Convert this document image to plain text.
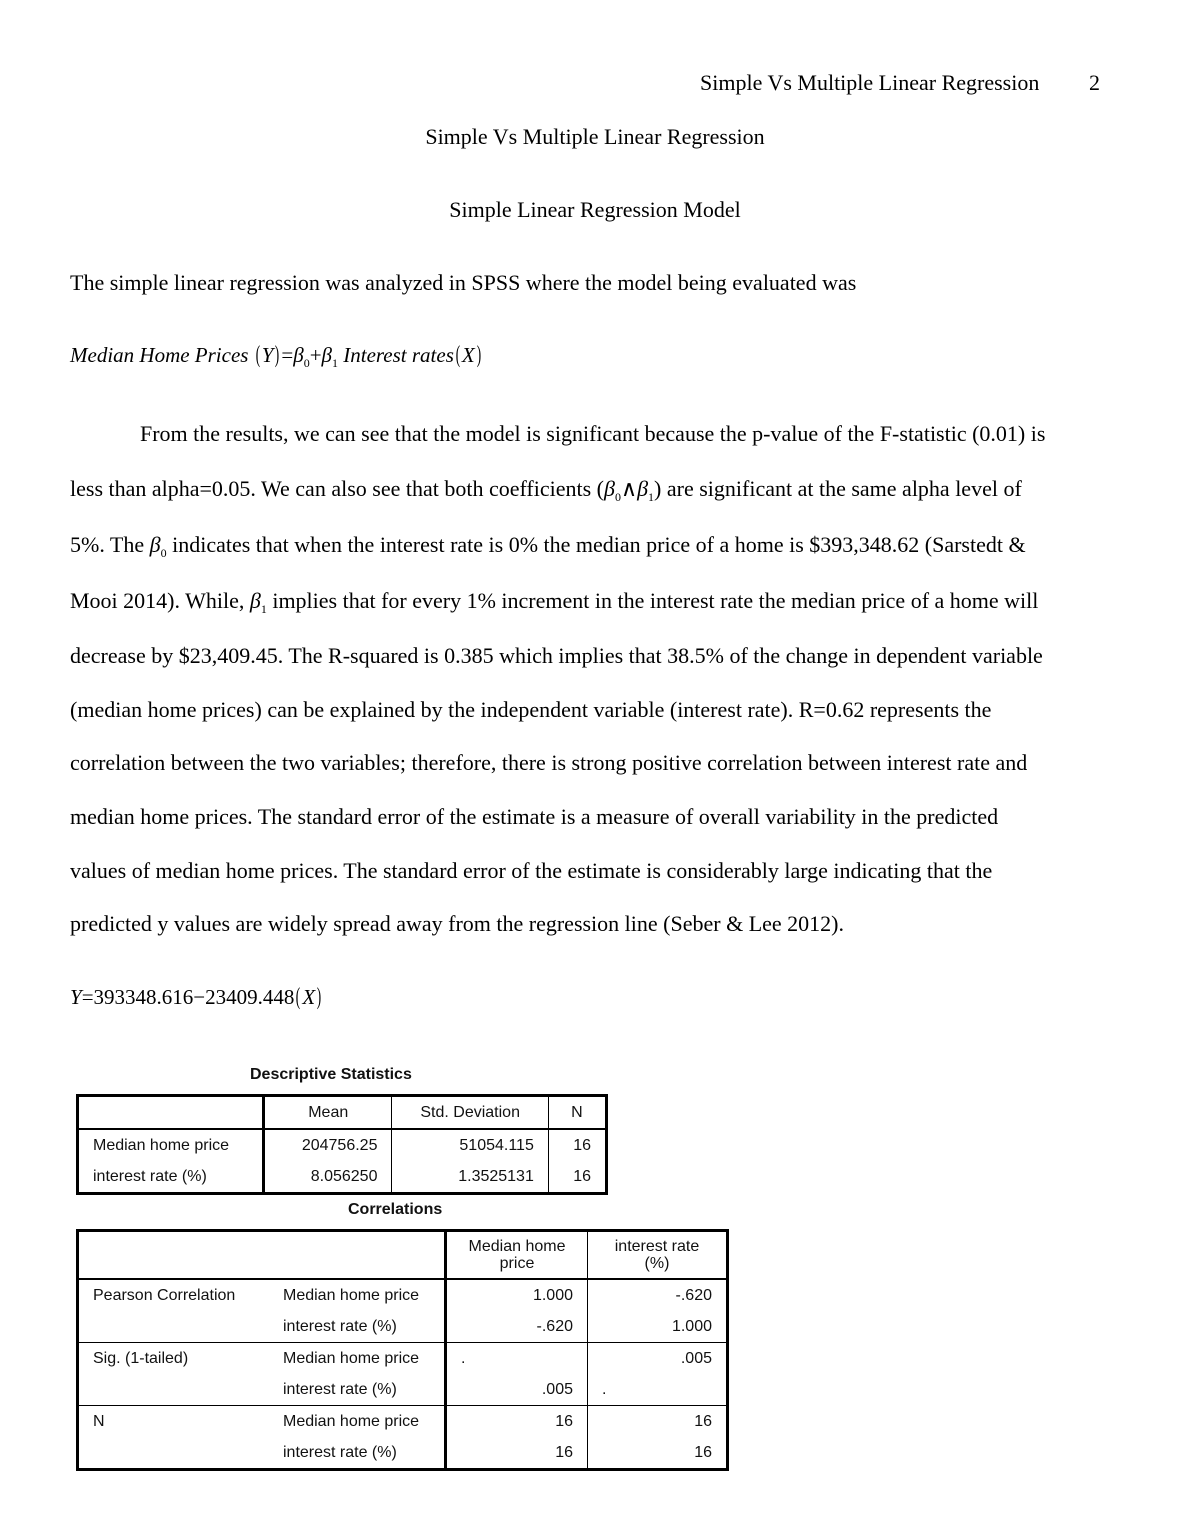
Simple Vs Multiple Linear Regression 2
Simple Vs Multiple Linear Regression
Simple Linear Regression Model
The simple linear regression was analyzed in SPSS where the model being evaluated was
Median Home Prices $(Y)=\beta_0+\beta_1$ Interest rates(X)
From the results, we can see that the model is significant because the p-value of the F-statistic (0.01) is
less than alpha=0.05. We can also see that both coefficients $(\beta_0\wedge\beta_1)$ are significant at the same alpha level of
5%. The $\beta_0$ indicates that when the interest rate is 0% the median price of a home is $393,348.62 (Sarstedt &
Mooi 2014). While, $\beta_1$ implies that for every 1% increment in the interest rate the median price of a home will
decrease by $23,409.45. The R-squared is 0.385 which implies that 38.5% of the change in dependent variable
(median home prices) can be explained by the independent variable (interest rate). R=0.62 represents the
correlation between the two variables; therefore, there is strong positive correlation between interest rate and
median home prices. The standard error of the estimate is a measure of overall variability in the predicted
values of median home prices. The standard error of the estimate is considerably large indicating that the
predicted y values are widely spread away from the regression line (Seber & Lee 2012).
Y=393348.616−23409.448(X)
Descriptive Statistics
	Mean	Std. Deviation	N
Median home price	204756.25	51054.115	16
interest rate (%)	8.056250	1.3525131	16
Correlations
		Median home price	interest rate (%)
Pearson Correlation	Median home price	1.000	-.620
	interest rate (%)	-.620	1.000
Sig. (1-tailed)	Median home price	.	.005
	interest rate (%)	.005	.
N	Median home price	16	16
	interest rate (%)	16	16
